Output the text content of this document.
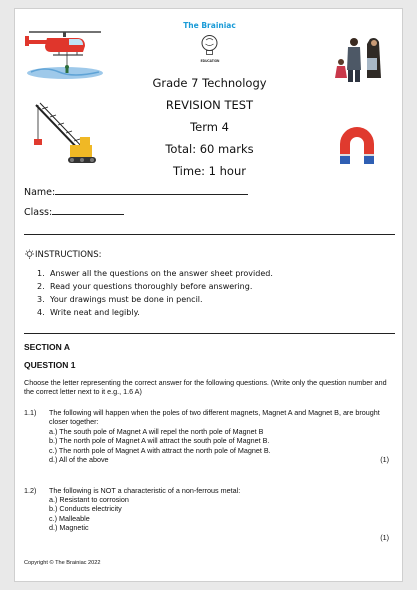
The Brainiac
EDUCATION
Grade 7 Technology
REVISION TEST
Term 4
Total: 60 marks
Time: 1 hour
Name:
Class:
INSTRUCTIONS:
1. Answer all the questions on the answer sheet provided.
2. Read your questions thoroughly before answering.
3. Your drawings must be done in pencil.
4. Write neat and legibly.
SECTION A
QUESTION 1
Choose the letter representing the correct answer for the following questions. (Write only the question number and the correct letter next to it e.g., 1.6 A)
1.1) The following will happen when the poles of two different magnets, Magnet A and Magnet B, are brought closer together:
a.) The south pole of Magnet A will repel the north pole of Magnet B
b.) The north pole of Magnet A will attract the south pole of Magnet B.
c.) The north pole of Magnet A with attract the north pole of Magnet B.
d.) All of the above	(1)
1.2) The following is NOT a characteristic of a non-ferrous metal:
a.) Resistant to corrosion
b.) Conducts electricity
c.) Malleable
d.) Magnetic
(1)
Copyright © The Brainiac 2022
